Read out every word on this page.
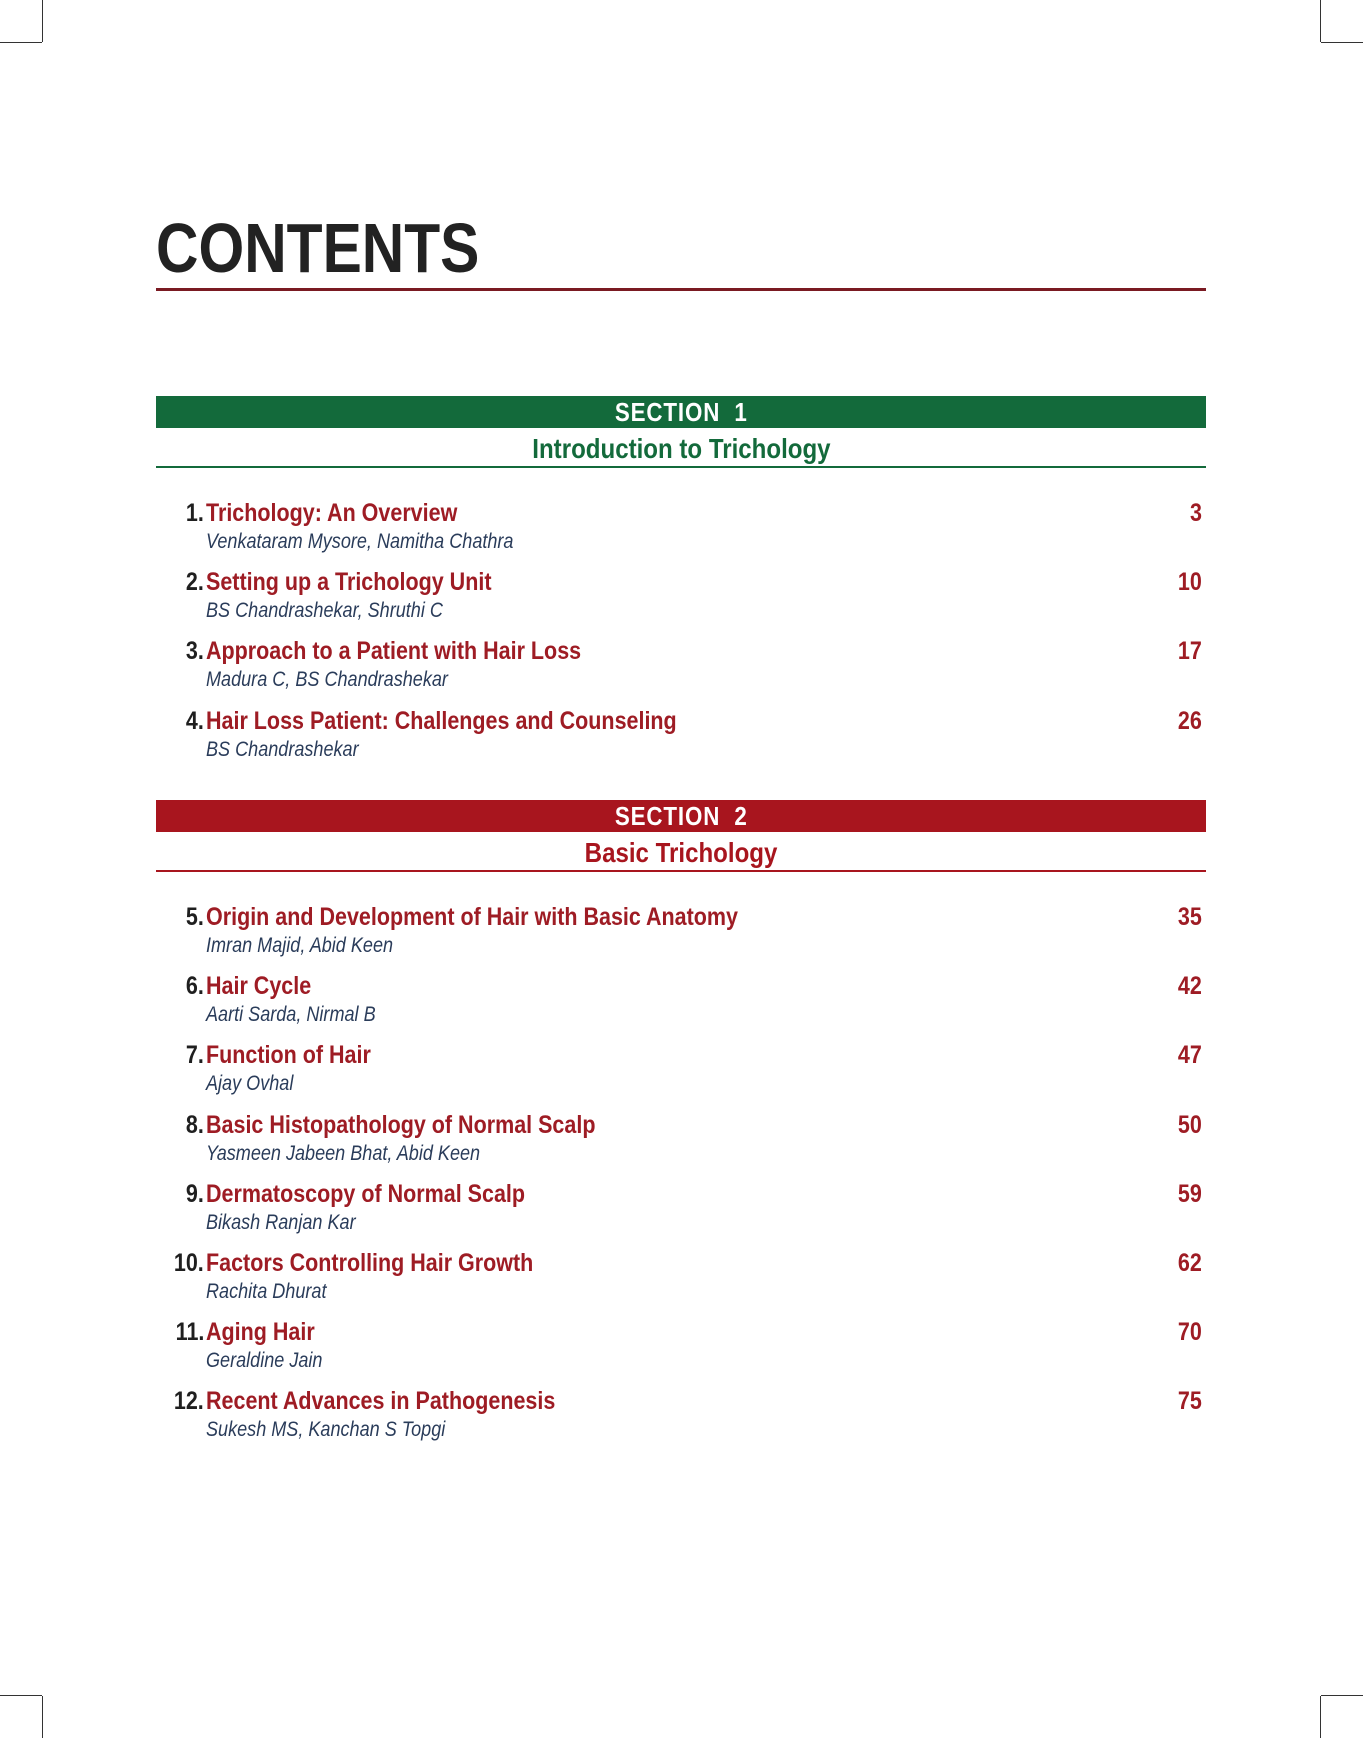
CONTENTS
SECTION  1
Introduction to Trichology
1. Trichology: An Overview
Venkataram Mysore, Namitha Chathra
3
2. Setting up a Trichology Unit
BS Chandrashekar, Shruthi C
10
3. Approach to a Patient with Hair Loss
Madura C, BS Chandrashekar
17
4. Hair Loss Patient: Challenges and Counseling
BS Chandrashekar
26
SECTION  2
Basic Trichology
5. Origin and Development of Hair with Basic Anatomy
Imran Majid, Abid Keen
35
6. Hair Cycle
Aarti Sarda, Nirmal B
42
7. Function of Hair
Ajay Ovhal
47
8. Basic Histopathology of Normal Scalp
Yasmeen Jabeen Bhat, Abid Keen
50
9. Dermatoscopy of Normal Scalp
Bikash Ranjan Kar
59
10. Factors Controlling Hair Growth
Rachita Dhurat
62
11. Aging Hair
Geraldine Jain
70
12. Recent Advances in Pathogenesis
Sukesh MS, Kanchan S Topgi
75
